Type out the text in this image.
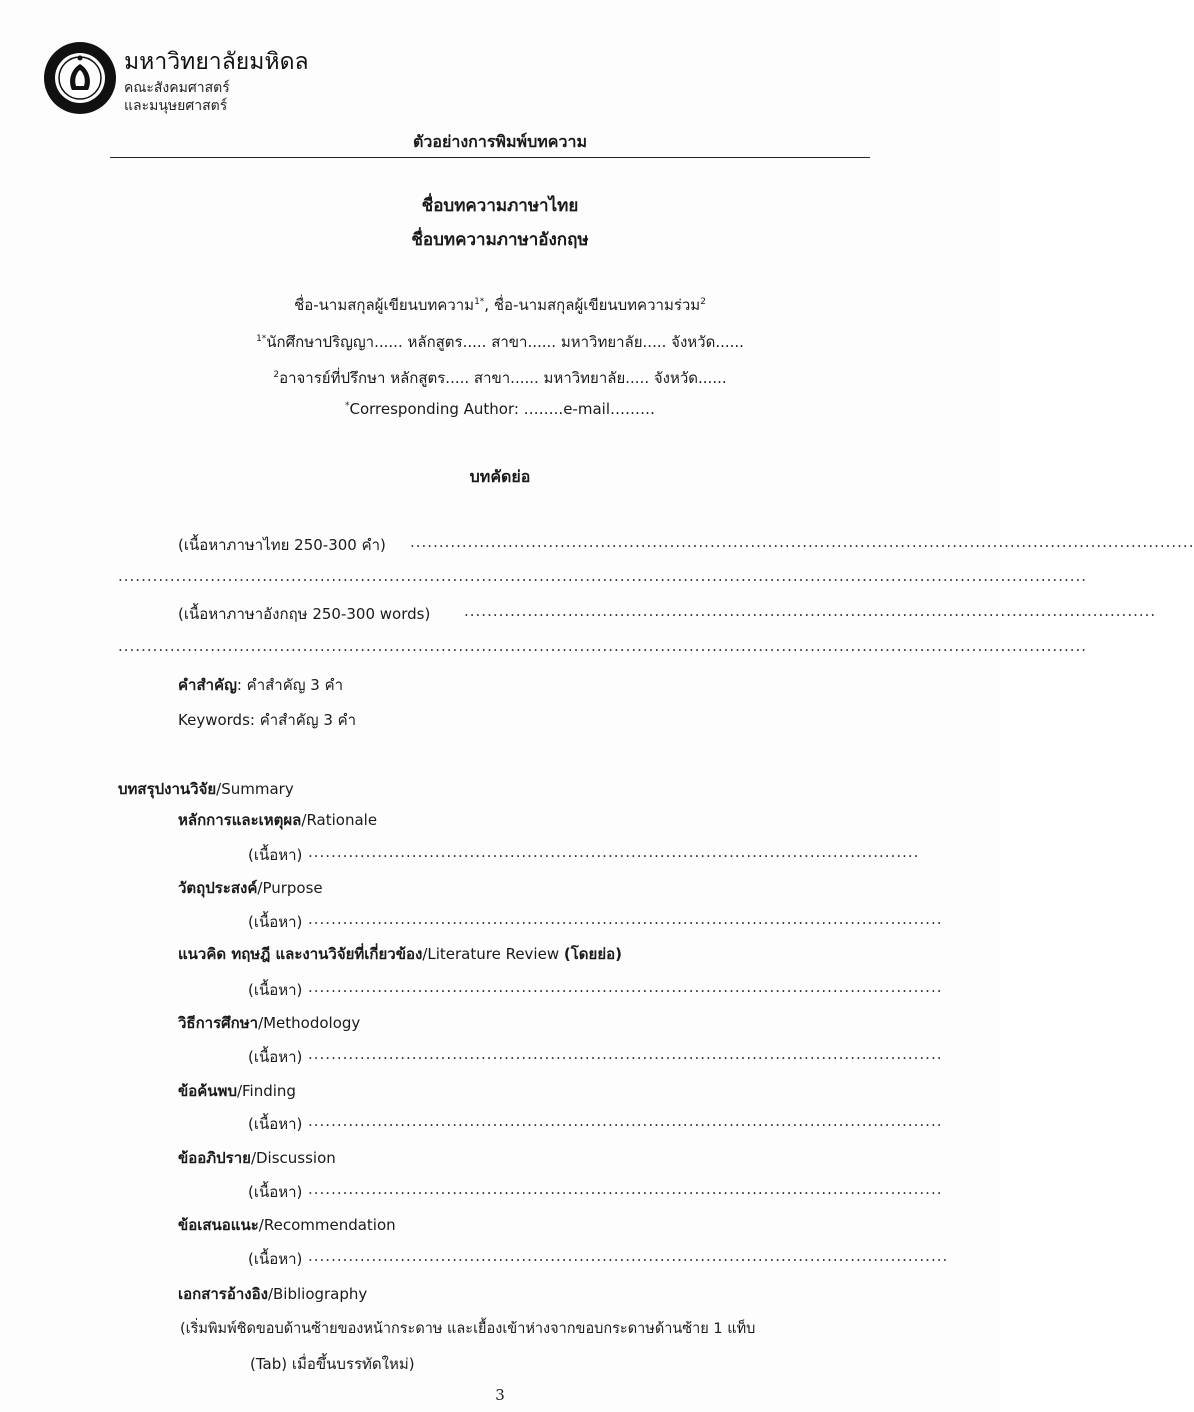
มหาวิทยาลัยมหิดล
คณะสังคมศาสตร์
และมนุษยศาสตร์
ตัวอย่างการพิมพ์บทความ
ชื่อบทความภาษาไทย
ชื่อบทความภาษาอังกฤษ
ชื่อ-นามสกุลผู้เขียนบทความ$^{1*}$, ชื่อ-นามสกุลผู้เขียนบทความร่วม$^2$
$^{1*}$นักศึกษาปริญญา...... หลักสูตร..... สาขา...... มหาวิทยาลัย..... จังหวัด......
$^2$อาจารย์ที่ปรึกษา หลักสูตร..... สาขา...... มหาวิทยาลัย..... จังหวัด......
*Corresponding Author: ……..e-mail………
บทคัดย่อ
(เนื้อหาภาษาไทย 250-300 คำ) ........................................................................................................................................
........................................................................................................................................................................
(เนื้อหาภาษาอังกฤษ 250-300 words) ........................................................................................................................
........................................................................................................................................................................
คำสำคัญ: คำสำคัญ 3 คำ
Keywords: คำสำคัญ 3 คำ
บทสรุปงานวิจัย/Summary
หลักการและเหตุผล/Rationale
(เนื้อหา) ..........................................................................................................
วัตถุประสงค์/Purpose
(เนื้อหา) ..............................................................................................................
แนวคิด ทฤษฎี และงานวิจัยที่เกี่ยวข้อง/Literature Review (โดยย่อ)
(เนื้อหา) ..............................................................................................................
วิธีการศึกษา/Methodology
(เนื้อหา) ..............................................................................................................
ข้อค้นพบ/Finding
(เนื้อหา) ..............................................................................................................
ข้ออภิปราย/Discussion
(เนื้อหา) ..............................................................................................................
ข้อเสนอแนะ/Recommendation
(เนื้อหา) ...............................................................................................................
เอกสารอ้างอิง/Bibliography
(เริ่มพิมพ์ชิดขอบด้านซ้ายของหน้ากระดาษ และเยื้องเข้าห่างจากขอบกระดาษด้านซ้าย 1 แท็บ
(Tab) เมื่อขึ้นบรรทัดใหม่)
3
